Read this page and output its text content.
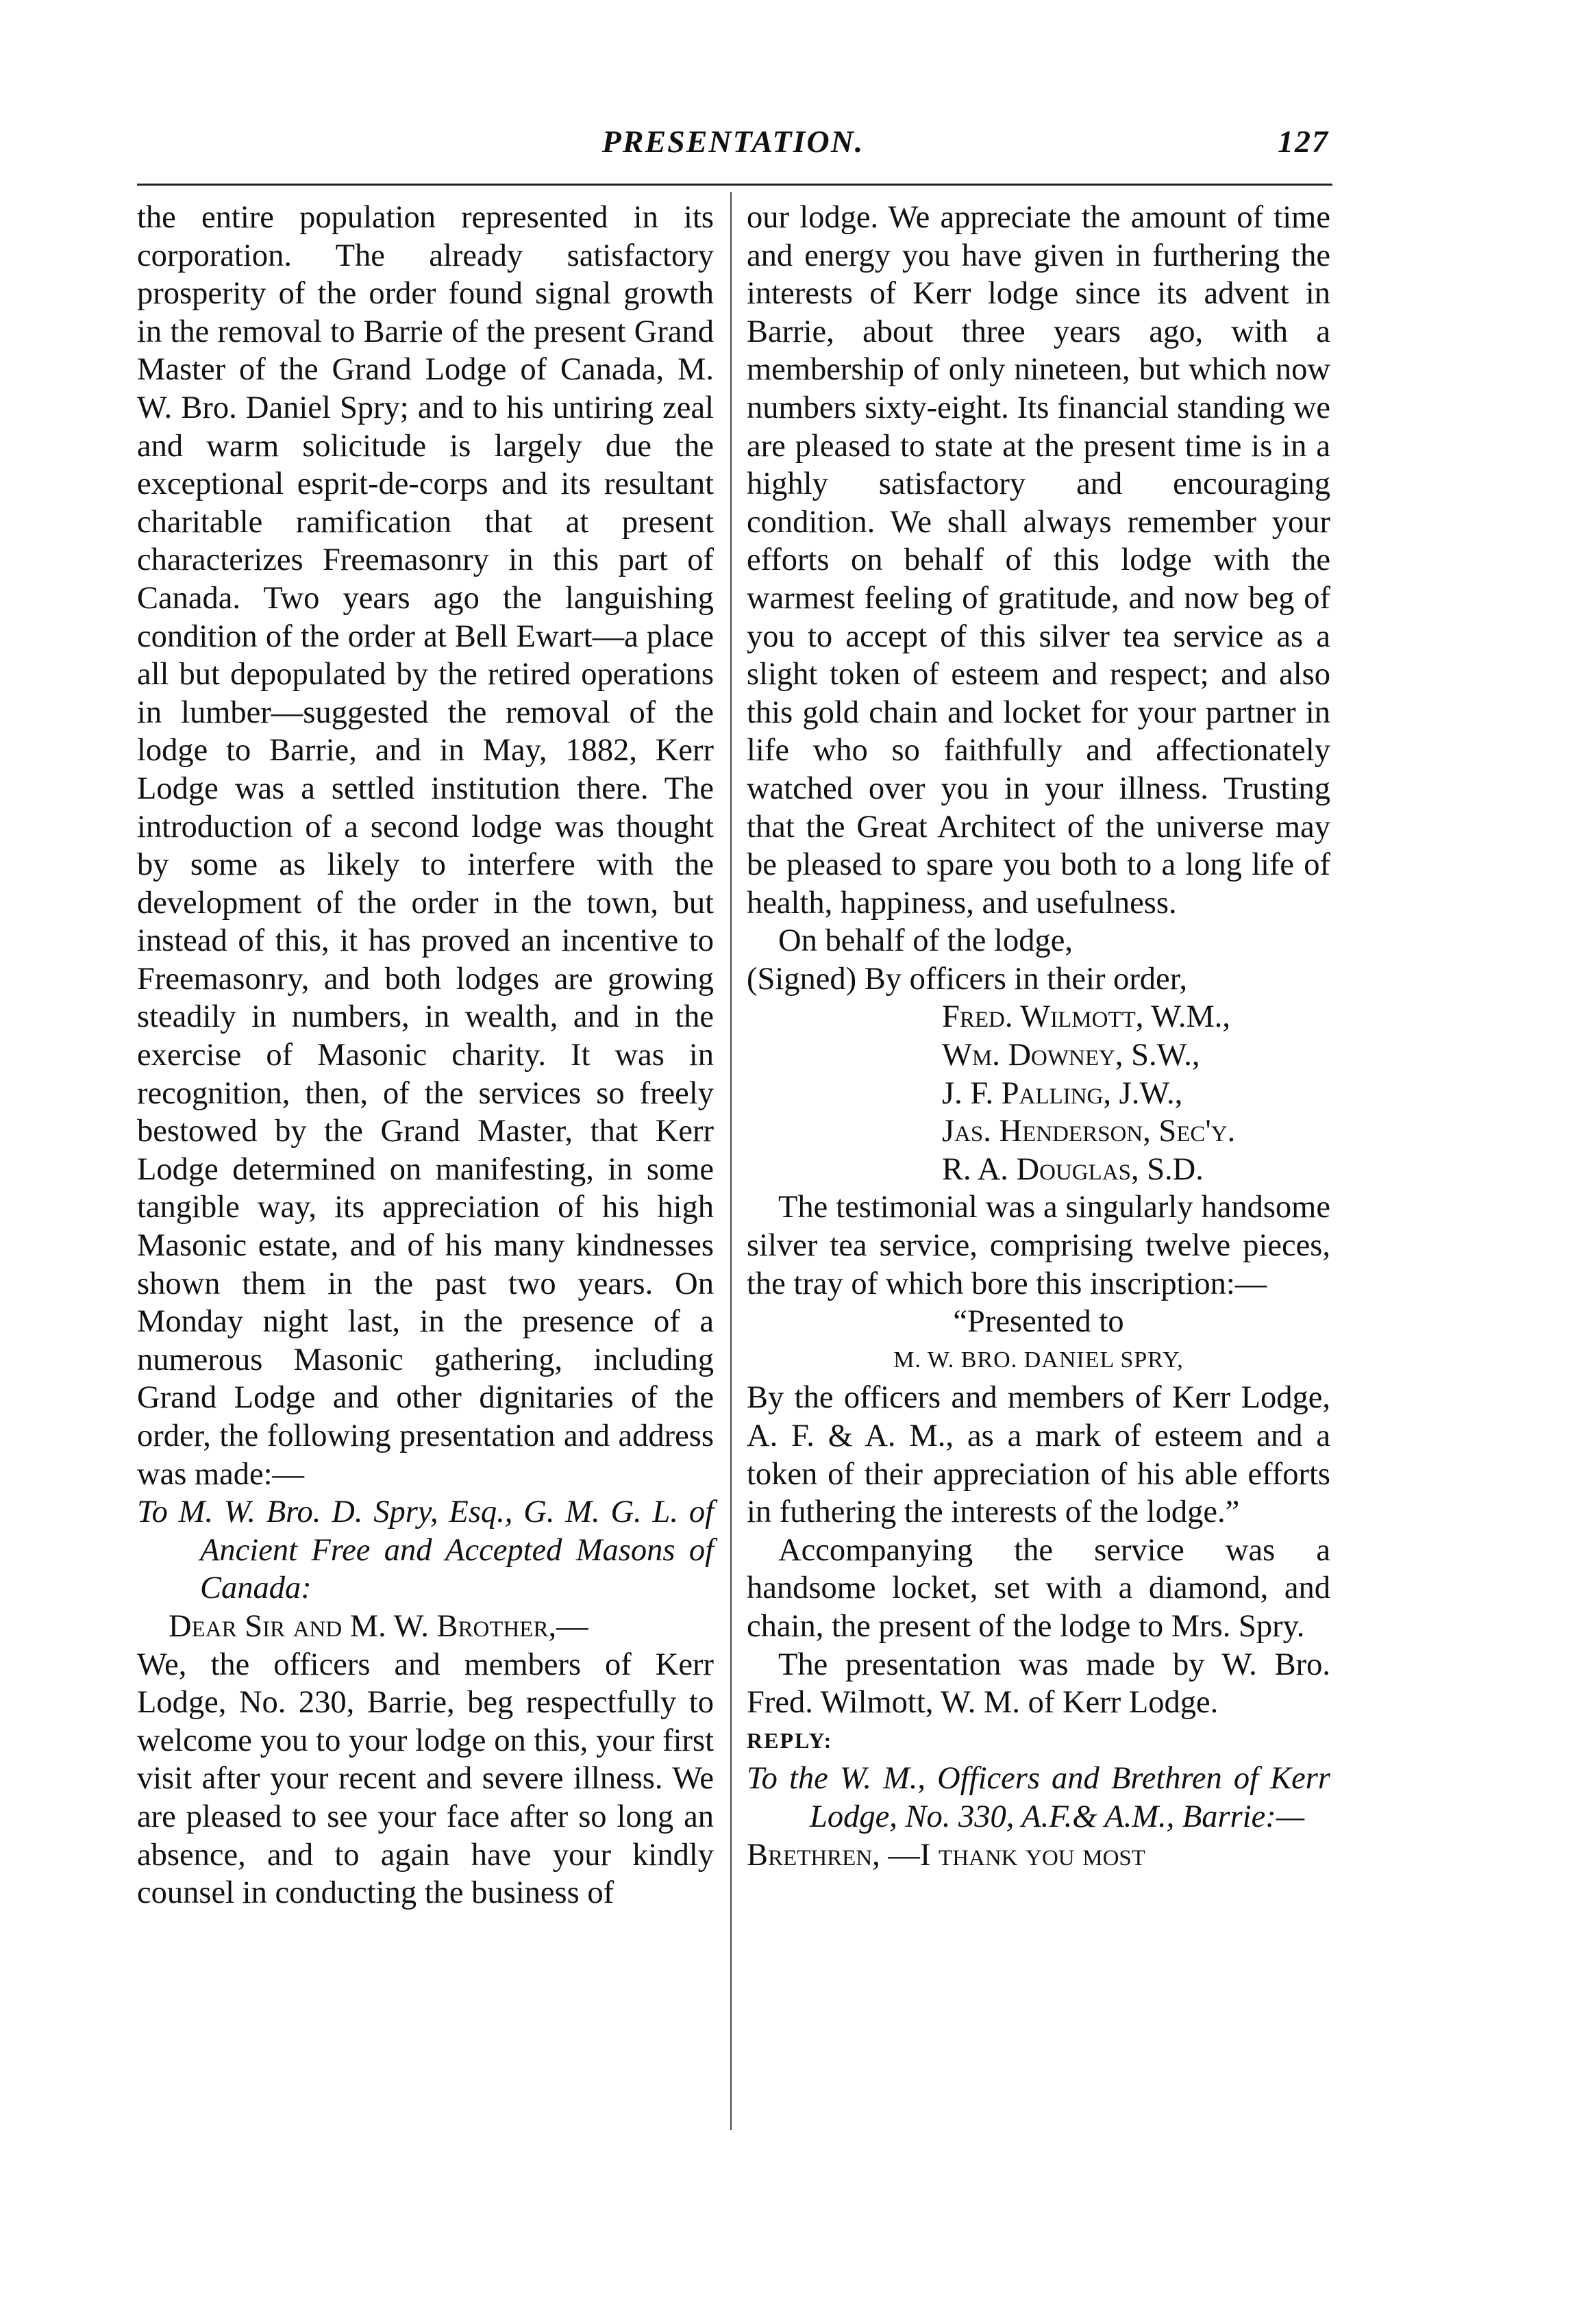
PRESENTATION.	127

the entire population represented in its corporation. The already satisfactory prosperity of the order found signal growth in the removal to Barrie of the present Grand Master of the Grand Lodge of Canada, M. W. Bro. Daniel Spry; and to his untiring zeal and warm solicitude is largely due the exceptional esprit-de-corps and its resultant charitable ramification that at present characterizes Freemasonry in this part of Canada. Two years ago the languishing condition of the order at Bell Ewart—a place all but depopulated by the retired operations in lumber—suggested the removal of the lodge to Barrie, and in May, 1882, Kerr Lodge was a settled institution there. The introduction of a second lodge was thought by some as likely to interfere with the development of the order in the town, but instead of this, it has proved an incentive to Freemasonry, and both lodges are growing steadily in numbers, in wealth, and in the exercise of Masonic charity. It was in recognition, then, of the services so freely bestowed by the Grand Master, that Kerr Lodge determined on manifesting, in some tangible way, its appreciation of his high Masonic estate, and of his many kindnesses shown them in the past two years. On Monday night last, in the presence of a numerous Masonic gathering, including Grand Lodge and other dignitaries of the order, the following presentation and address was made:—

To M. W. Bro. D. Spry, Esq., G. M. G. L. of Ancient Free and Accepted Masons of Canada:

Dear Sir and M. W. Brother,—

We, the officers and members of Kerr Lodge, No. 230, Barrie, beg respectfully to welcome you to your lodge on this, your first visit after your recent and severe illness. We are pleased to see your face after so long an absence, and to again have your kindly counsel in conducting the business of

our lodge. We appreciate the amount of time and energy you have given in furthering the interests of Kerr lodge since its advent in Barrie, about three years ago, with a membership of only nineteen, but which now numbers sixty-eight. Its financial standing we are pleased to state at the present time is in a highly satisfactory and encouraging condition. We shall always remember your efforts on behalf of this lodge with the warmest feeling of gratitude, and now beg of you to accept of this silver tea service as a slight token of esteem and respect; and also this gold chain and locket for your partner in life who so faithfully and affectionately watched over you in your illness. Trusting that the Great Architect of the universe may be pleased to spare you both to a long life of health, happiness, and usefulness.

On behalf of the lodge,

(Signed) By officers in their order,

Fred. Wilmott, W.M.,

Wm. Downey, S.W.,

J. F. Palling, J.W.,

Jas. Henderson, Sec'y.

R. A. Douglas, S.D.

The testimonial was a singularly handsome silver tea service, comprising twelve pieces, the tray of which bore this inscription:—

“Presented to

M. W. BRO. DANIEL SPRY,

By the officers and members of Kerr Lodge, A. F. & A. M., as a mark of esteem and a token of their appreciation of his able efforts in futhering the interests of the lodge.”

Accompanying the service was a handsome locket, set with a diamond, and chain, the present of the lodge to Mrs. Spry.

The presentation was made by W. Bro. Fred. Wilmott, W. M. of Kerr Lodge.

REPLY:

To the W. M., Officers and Brethren of Kerr Lodge, No. 330, A.F.& A.M., Barrie:—

Brethren, —I thank you most
